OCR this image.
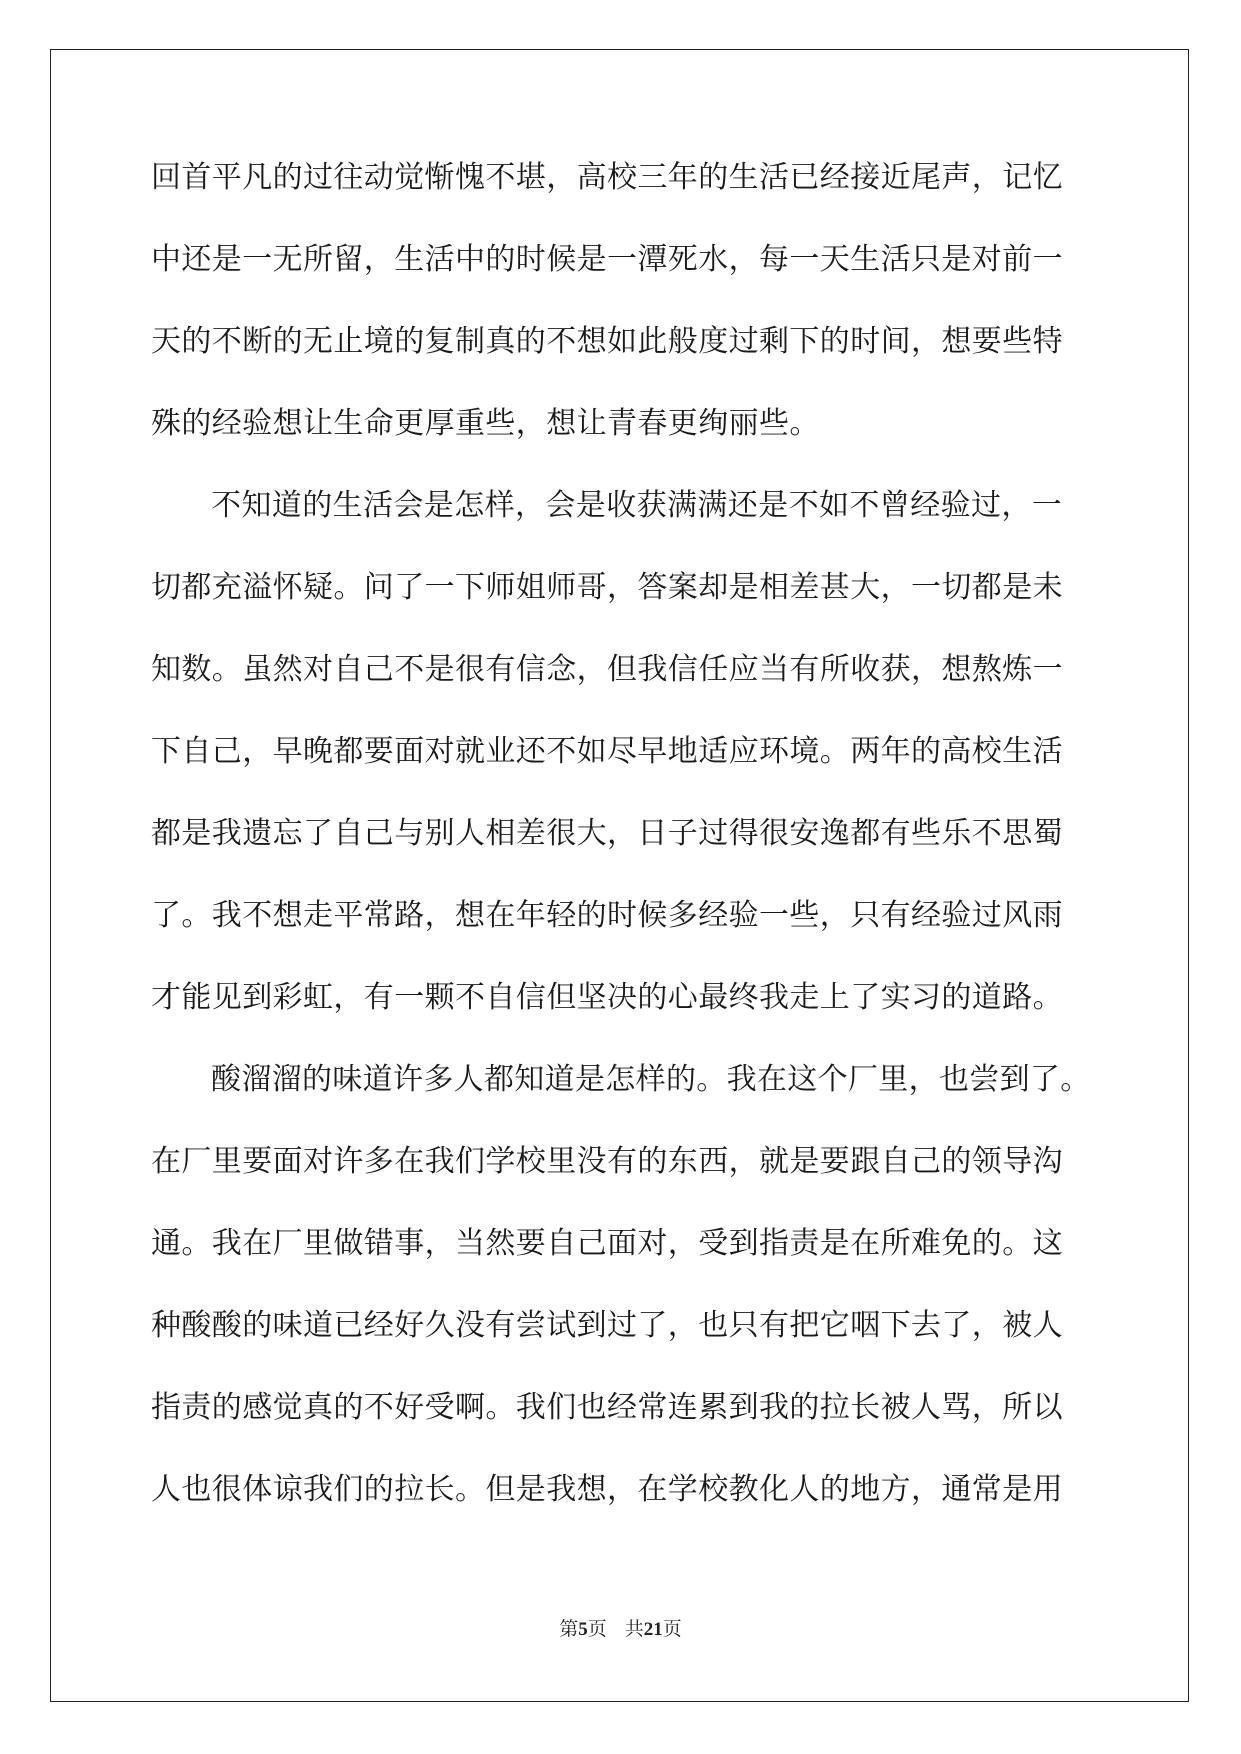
回首平凡的过往动觉惭愧不堪，高校三年的生活已经接近尾声，记忆
中还是一无所留，生活中的时候是一潭死水，每一天生活只是对前一
天的不断的无止境的复制真的不想如此般度过剩下的时间，想要些特
殊的经验想让生命更厚重些，想让青春更绚丽些。
不知道的生活会是怎样，会是收获满满还是不如不曾经验过，一
切都充溢怀疑。问了一下师姐师哥，答案却是相差甚大，一切都是未
知数。虽然对自己不是很有信念，但我信任应当有所收获，想熬炼一
下自己，早晚都要面对就业还不如尽早地适应环境。两年的高校生活
都是我遗忘了自己与别人相差很大，日子过得很安逸都有些乐不思蜀
了。我不想走平常路，想在年轻的时候多经验一些，只有经验过风雨
才能见到彩虹，有一颗不自信但坚决的心最终我走上了实习的道路。
酸溜溜的味道许多人都知道是怎样的。我在这个厂里，也尝到了。
在厂里要面对许多在我们学校里没有的东西，就是要跟自己的领导沟
通。我在厂里做错事，当然要自己面对，受到指责是在所难免的。这
种酸酸的味道已经好久没有尝试到过了，也只有把它咽下去了，被人
指责的感觉真的不好受啊。我们也经常连累到我的拉长被人骂，所以
人也很体谅我们的拉长。但是我想，在学校教化人的地方，通常是用
第5页 共21页
